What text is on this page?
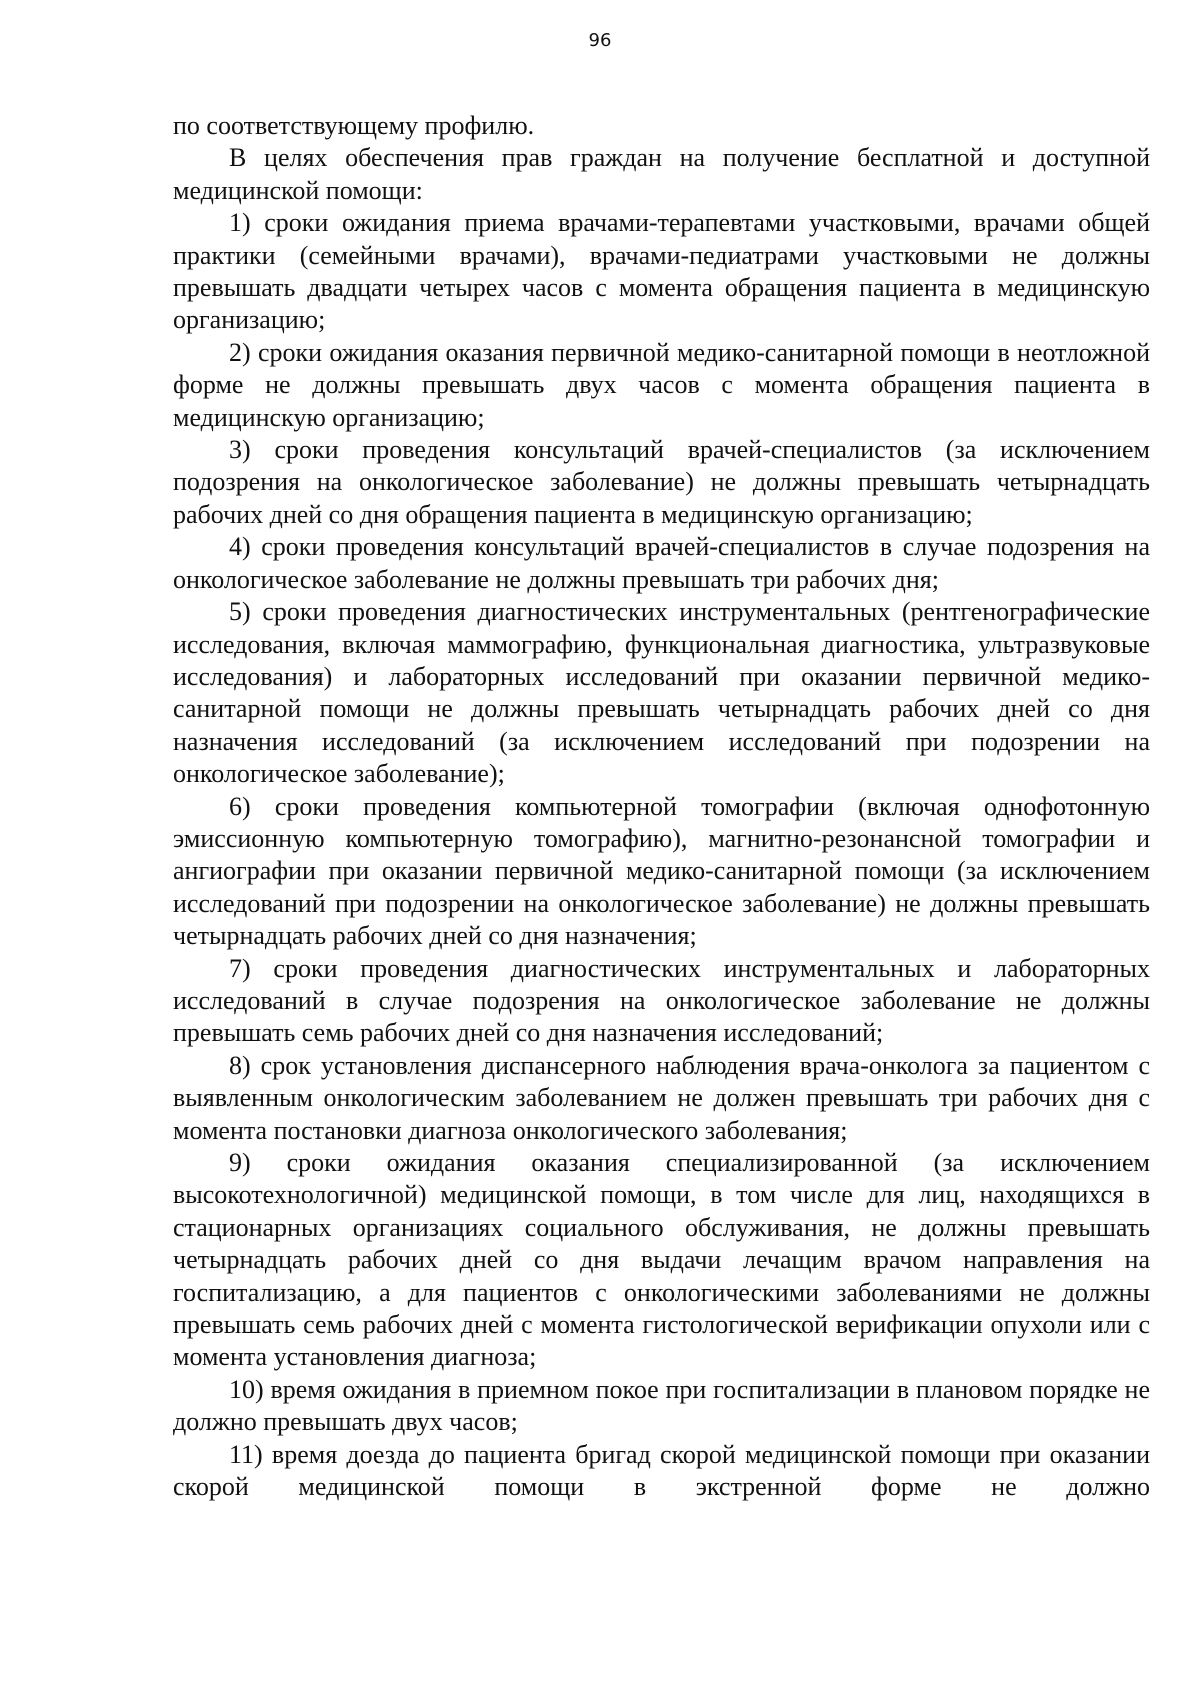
96

по соответствующему профилю.

В целях обеспечения прав граждан на получение бесплатной и доступной медицинской помощи:

1) сроки ожидания приема врачами-терапевтами участковыми, врачами общей практики (семейными врачами), врачами-педиатрами участковыми не должны превышать двадцати четырех часов с момента обращения пациента в медицинскую организацию;

2) сроки ожидания оказания первичной медико-санитарной помощи в неотложной форме не должны превышать двух часов с момента обращения пациента в медицинскую организацию;

3) сроки проведения консультаций врачей-специалистов (за исключением подозрения на онкологическое заболевание) не должны превышать четырнадцать рабочих дней со дня обращения пациента в медицинскую организацию;

4) сроки проведения консультаций врачей-специалистов в случае подозрения на онкологическое заболевание не должны превышать три рабочих дня;

5) сроки проведения диагностических инструментальных (рентгенографические исследования, включая маммографию, функциональная диагностика, ультразвуковые исследования) и лабораторных исследований при оказании первичной медико-санитарной помощи не должны превышать четырнадцать рабочих дней со дня назначения исследований (за исключением исследований при подозрении на онкологическое заболевание);

6) сроки проведения компьютерной томографии (включая однофотонную эмиссионную компьютерную томографию), магнитно-резонансной томографии и ангиографии при оказании первичной медико-санитарной помощи (за исключением исследований при подозрении на онкологическое заболевание) не должны превышать четырнадцать рабочих дней со дня назначения;

7) сроки проведения диагностических инструментальных и лабораторных исследований в случае подозрения на онкологическое заболевание не должны превышать семь рабочих дней со дня назначения исследований;

8) срок установления диспансерного наблюдения врача-онколога за пациентом с выявленным онкологическим заболеванием не должен превышать три рабочих дня с момента постановки диагноза онкологического заболевания;

9) сроки ожидания оказания специализированной (за исключением высокотехнологичной) медицинской помощи, в том числе для лиц, находящихся в стационарных организациях социального обслуживания, не должны превышать четырнадцать рабочих дней со дня выдачи лечащим врачом направления на госпитализацию, а для пациентов с онкологическими заболеваниями не должны превышать семь рабочих дней с момента гистологической верификации опухоли или с момента установления диагноза;

10) время ожидания в приемном покое при госпитализации в плановом порядке не должно превышать двух часов;

11) время доезда до пациента бригад скорой медицинской помощи при оказании скорой медицинской помощи в экстренной форме не должно
